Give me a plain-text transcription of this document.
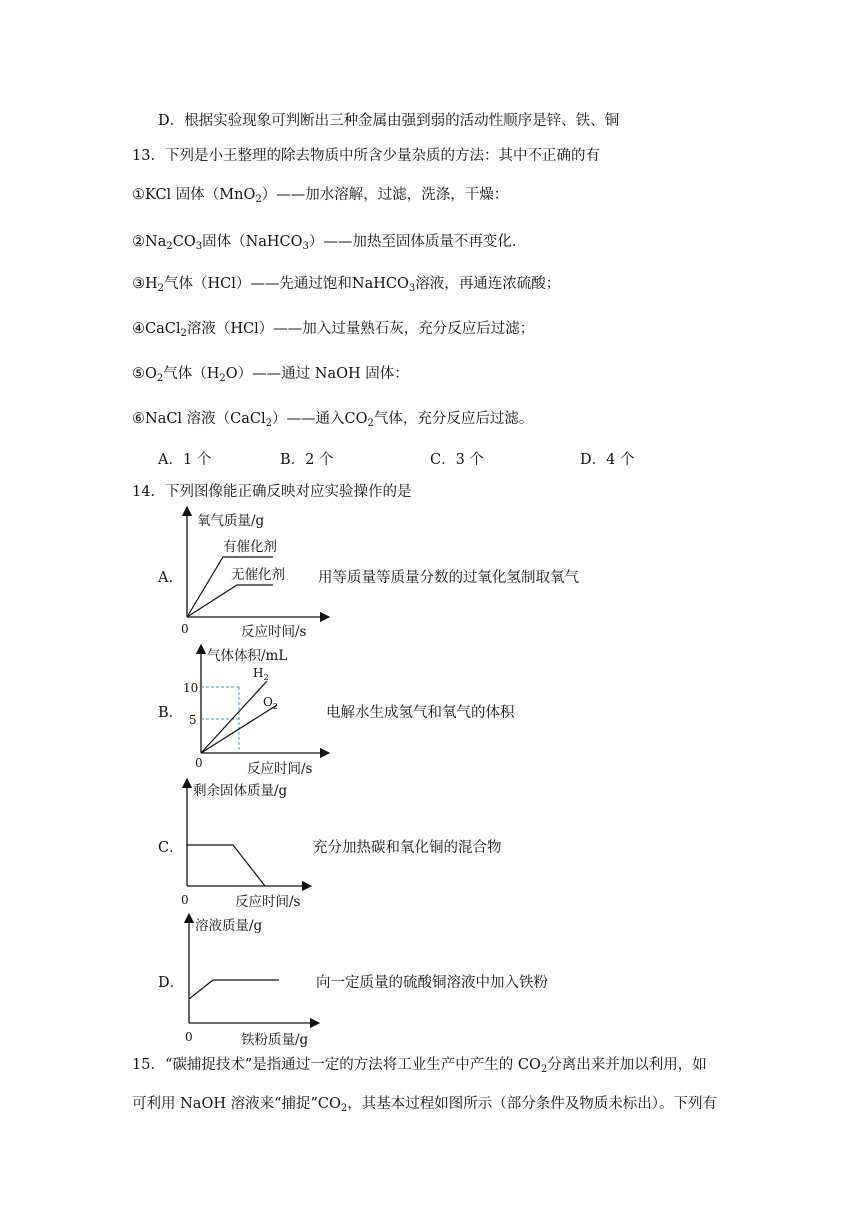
D．根据实验现象可判断出三种金属由强到弱的活动性顺序是锌、铁、铜
13．下列是小王整理的除去物质中所含少量杂质的方法：其中不正确的有
①KCl 固体（MnO$_2$）——加水溶解，过滤，洗涤，干燥：
$②Na_2CO_3$固体（NaHCO$_3$）——加热至固体质量不再变化.
$③H_2$气体（HCl）——先通过饱和NaHCO$_3$溶液，再通连浓硫酸；
④CaCl$_2$溶液（HCl）——加入过量熟石灰，充分反应后过滤；
$⑤O_2$气体$(H_2O)——$通过 NaOH 固体：
⑥NaCl 溶液（CaCl$_2$）——通入$CO_2$气体，充分反应后过滤。
A．1 个	B．2 个	C．3 个	D．4 个
14．下列图像能正确反映对应实验操作的是
A．
氧气质量/g
有催化剂
无催化剂
0	反应时间/s
用等质量等质量分数的过氧化氢制取氧气
B．
气体体积/mL
10
5
$H_2$
$O_2$
0	反应时间/s
电解水生成氢气和氧气的体积
C．
剩余固体质量/g
0	反应时间/s
充分加热碳和氧化铜的混合物
D．
溶液质量/g
0	铁粉质量/g
向一定质量的硫酸铜溶液中加入铁粉
15．“碳捕捉技术”是指通过一定的方法将工业生产中产生的 $CO_2$分离出来并加以利用，如
可利用 NaOH 溶液来“捕捉$”CO_2$，其基本过程如图所示（部分条件及物质未标出）。下列有
